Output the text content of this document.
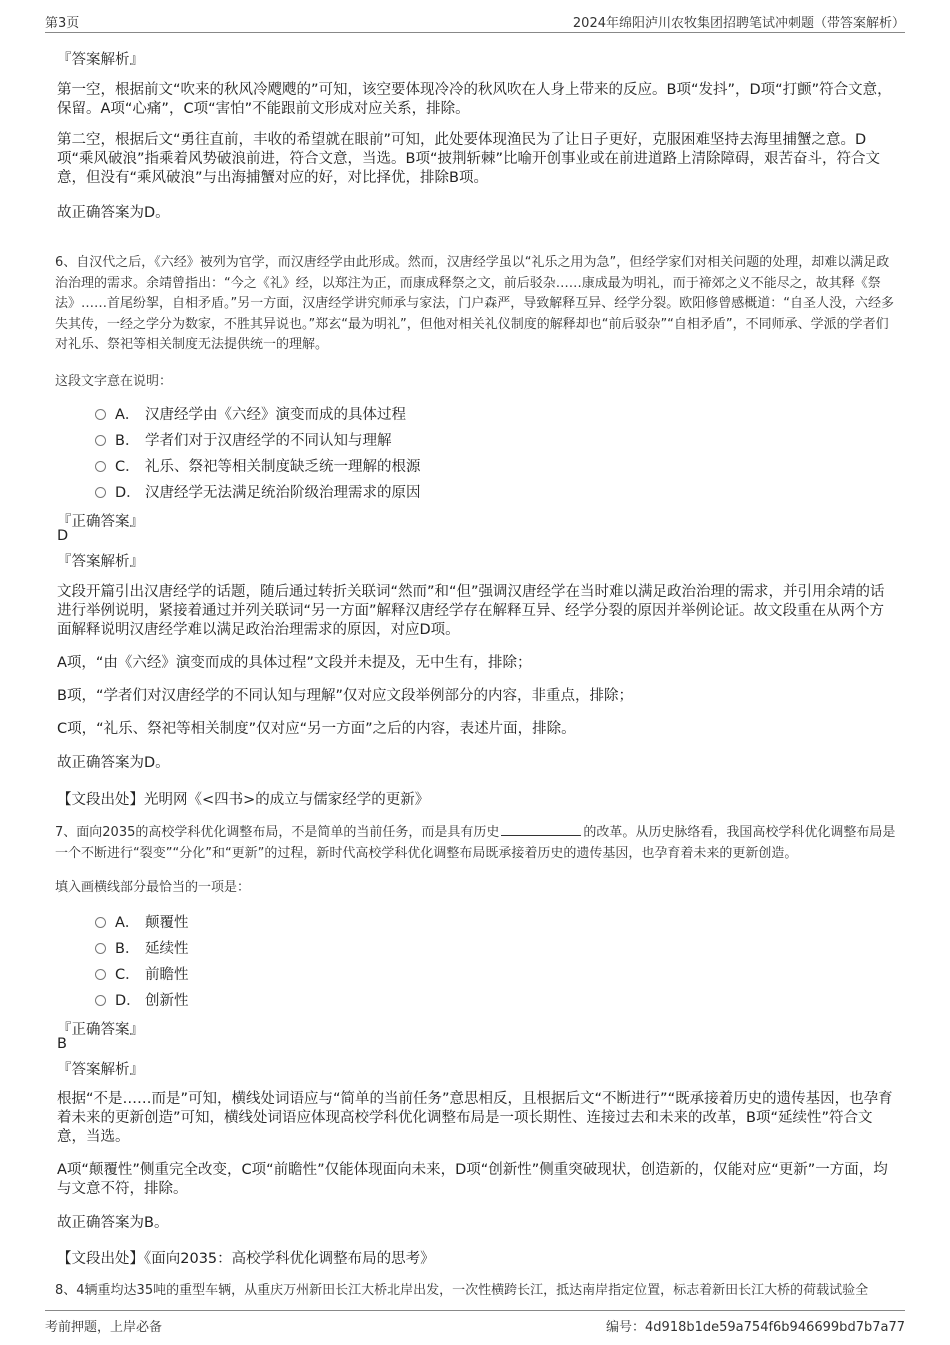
第3页	2024年绵阳泸川农牧集团招聘笔试冲刺题（带答案解析）
『答案解析』

第一空，根据前文“吹来的秋风冷飕飕的”可知，该空要体现冷冷的秋风吹在人身上带来的反应。B项“发抖”，D项“打颤”符合文意，保留。A项“心痛”，C项“害怕”不能跟前文形成对应关系，排除。

第二空，根据后文“勇往直前，丰收的希望就在眼前”可知，此处要体现渔民为了让日子更好，克服困难坚持去海里捕蟹之意。D项“乘风破浪”指乘着风势破浪前进，符合文意，当选。B项“披荆斩棘”比喻开创事业或在前进道路上清除障碍，艰苦奋斗，符合文意，但没有“乘风破浪”与出海捕蟹对应的好，对比择优，排除B项。

故正确答案为D。

6、自汉代之后，《六经》被列为官学，而汉唐经学由此形成。然而，汉唐经学虽以“礼乐之用为急”，但经学家们对相关问题的处理，却难以满足政治治理的需求。余靖曾指出：“今之《礼》经，以郑注为正，而康成释祭之文，前后驳杂……康成最为明礼，而于禘郊之义不能尽之，故其释《祭法》……首尾纷挐，自相矛盾。”另一方面，汉唐经学讲究师承与家法，门户森严，导致解释互异、经学分裂。欧阳修曾感概道：“自圣人没，六经多失其传，一经之学分为数家，不胜其异说也。”郑玄“最为明礼”，但他对相关礼仪制度的解释却也“前后驳杂”“自相矛盾”，不同师承、学派的学者们对礼乐、祭祀等相关制度无法提供统一的理解。

这段文字意在说明：
A． 汉唐经学由《六经》演变而成的具体过程
B． 学者们对于汉唐经学的不同认知与理解
C． 礼乐、祭祀等相关制度缺乏统一理解的根源
D． 汉唐经学无法满足统治阶级治理需求的原因
『正确答案』
D
『答案解析』

文段开篇引出汉唐经学的话题，随后通过转折关联词“然而”和“但”强调汉唐经学在当时难以满足政治治理的需求，并引用余靖的话进行举例说明，紧接着通过并列关联词“另一方面”解释汉唐经学存在解释互异、经学分裂的原因并举例论证。故文段重在从两个方面解释说明汉唐经学难以满足政治治理需求的原因，对应D项。

A项，“由《六经》演变而成的具体过程”文段并未提及，无中生有，排除；

B项，“学者们对汉唐经学的不同认知与理解”仅对应文段举例部分的内容，非重点，排除；

C项，“礼乐、祭祀等相关制度”仅对应“另一方面”之后的内容，表述片面，排除。

故正确答案为D。

【文段出处】光明网《<四书>的成立与儒家经学的更新》

7、面向2035的高校学科优化调整布局，不是简单的当前任务，而是具有历史	的改革。从历史脉络看，我国高校学科优化调整布局是一个不断进行“裂变”“分化”和“更新”的过程，新时代高校学科优化调整布局既承接着历史的遗传基因，也孕育着未来的更新创造。

填入画横线部分最恰当的一项是：
A． 颠覆性
B． 延续性
C． 前瞻性
D． 创新性
『正确答案』
B
『答案解析』

根据“不是……而是”可知，横线处词语应与“简单的当前任务”意思相反，且根据后文“不断进行”“既承接着历史的遗传基因，也孕育着未来的更新创造”可知，横线处词语应体现高校学科优化调整布局是一项长期性、连接过去和未来的改革，B项“延续性”符合文意，当选。

A项“颠覆性”侧重完全改变，C项“前瞻性”仅能体现面向未来，D项“创新性”侧重突破现状，创造新的，仅能对应“更新”一方面，均与文意不符，排除。

故正确答案为B。

【文段出处】《面向2035：高校学科优化调整布局的思考》

8、4辆重均达35吨的重型车辆，从重庆万州新田长江大桥北岸出发，一次性横跨长江，抵达南岸指定位置，标志着新田长江大桥的荷载试验全

考前押题，上岸必备	编号：4d918b1de59a754f6b946699bd7b7a77
